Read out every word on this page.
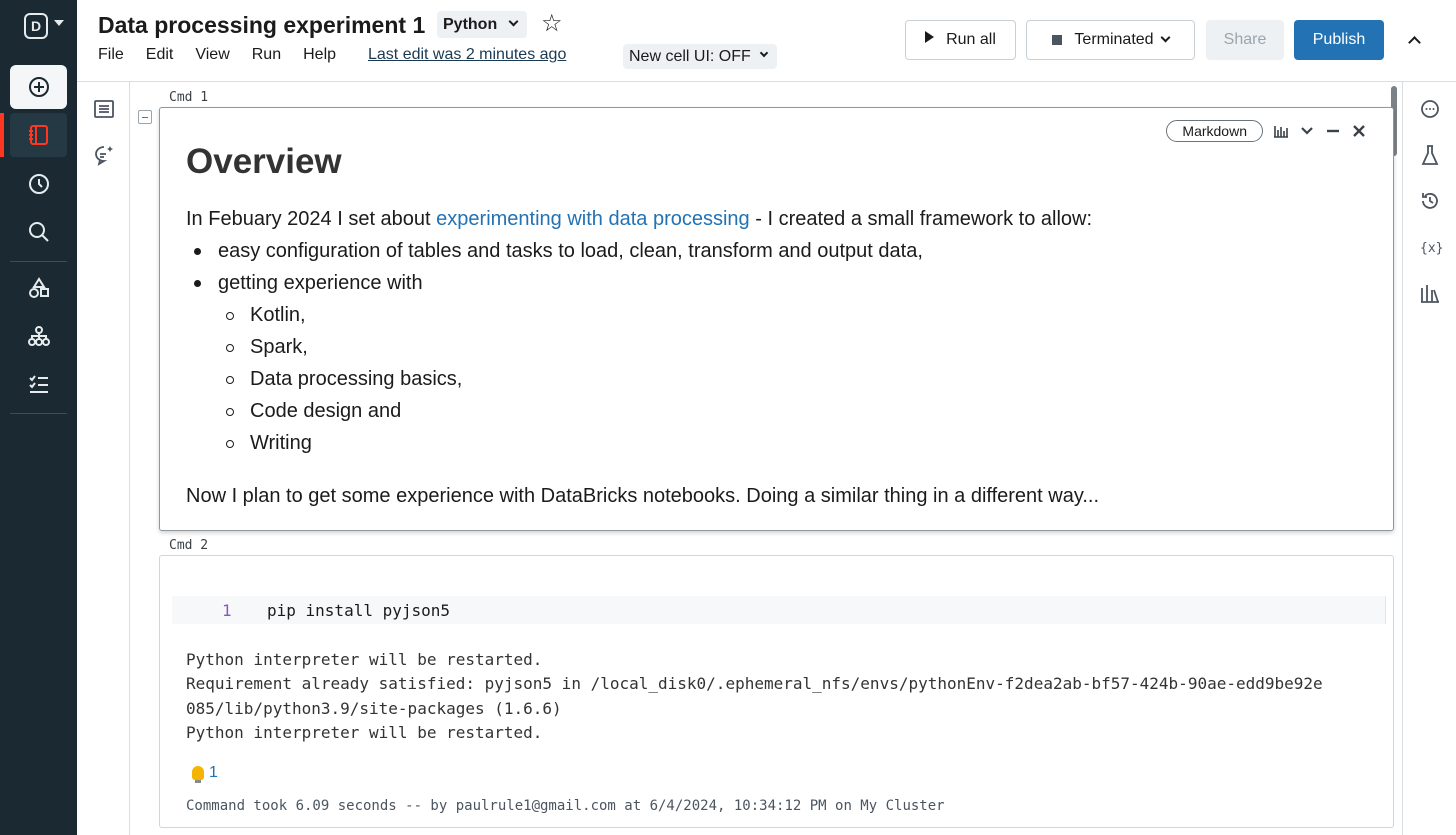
D	Data processing experiment 1	Python	☆
File Edit View Run Help Last edit was 2 minutes ago	New cell UI: OFF
Run all	Terminated	Share	Publish
{x}
Cmd 1
Markdown
Overview
In Febuary 2024 I set about experimenting with data processing - I created a small framework to allow:
easy configuration of tables and tasks to load, clean, transform and output data,
getting experience with
Kotlin,
Spark,
Data processing basics,
Code design and
Writing
Now I plan to get some experience with DataBricks notebooks. Doing a similar thing in a different way...
Cmd 2
1 pip install pyjson5
Python interpreter will be restarted.
Requirement already satisfied: pyjson5 in /local_disk0/.ephemeral_nfs/envs/pythonEnv-f2dea2ab-bf57-424b-90ae-edd9be92e
085/lib/python3.9/site-packages (1.6.6)
Python interpreter will be restarted.
1
Command took 6.09 seconds -- by paulrule1@gmail.com at 6/4/2024, 10:34:12 PM on My Cluster
